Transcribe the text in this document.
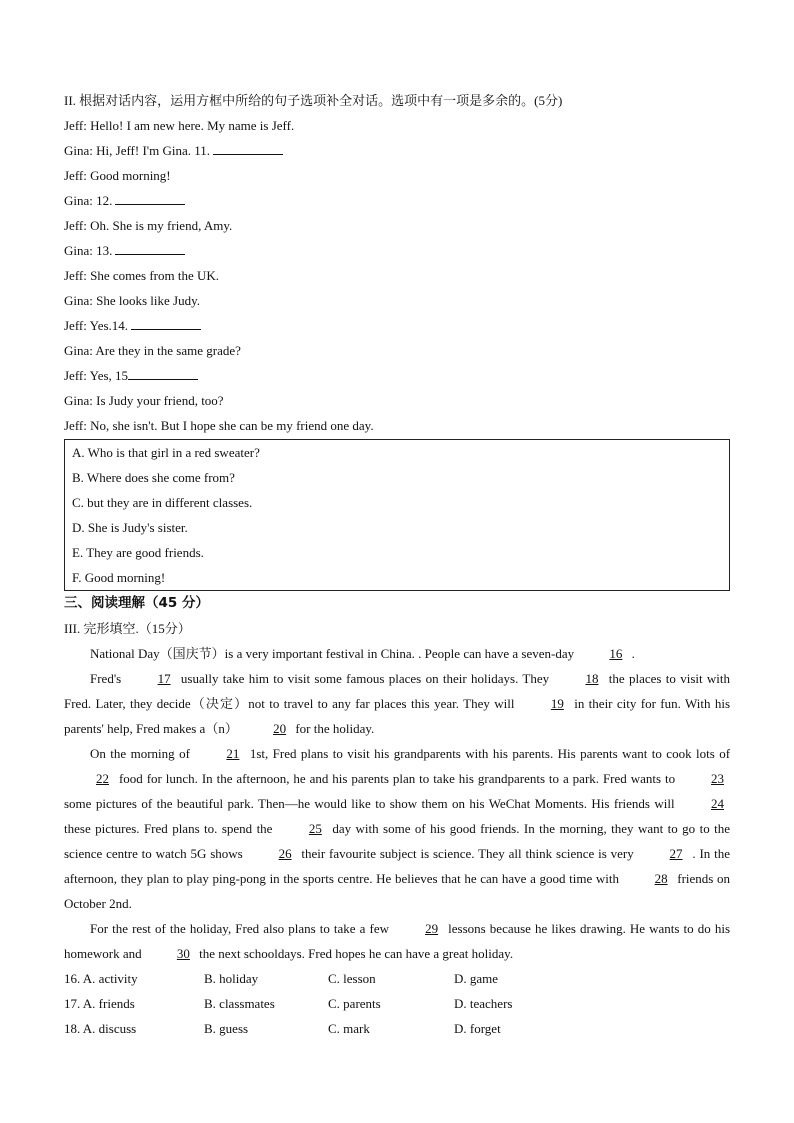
II. 根据对话内容，运用方框中所给的句子选项补全对话。选项中有一项是多余的。(5分)
Jeff: Hello! I am new here. My name is Jeff.
Gina: Hi, Jeff! I'm Gina. 11.
Jeff: Good morning!
Gina: 12.
Jeff: Oh. She is my friend, Amy.
Gina: 13.
Jeff: She comes from the UK.
Gina: She looks like Judy.
Jeff: Yes.14.
Gina: Are they in the same grade?
Jeff: Yes, 15
Gina: Is Judy your friend, too?
Jeff: No, she isn't. But I hope she can be my friend one day.
A. Who is that girl in a red sweater?
B. Where does she come from?
C. but they are in different classes.
D. She is Judy's sister.
E. They are good friends.
F. Good morning!
三、阅读理解（45 分）
III. 完形填空.（15分）
National Day（国庆节）is a very important festival in China. . People can have a seven-day	16 .
Fred's	17 usually take him to visit some famous places on their holidays. They	18 the places to visit with Fred. Later, they decide（决定）not to travel to any far places this year. They will	19 in their city for fun. With his parents' help, Fred makes a（n）	20 for the holiday.
On the morning of	21 1st, Fred plans to visit his grandparents with his parents. His parents want to cook lots of 22 food for lunch. In the afternoon, he and his parents plan to take his grandparents to a park. Fred wants to	23 some pictures of the beautiful park. Then—he would like to show them on his WeChat Moments. His friends will	24 these pictures. Fred plans to. spend the	25 day with some of his good friends. In the morning, they want to go to the science centre to watch 5G shows	26 their favourite subject is science. They all think science is very	27 . In the afternoon, they plan to play ping-pong in the sports centre. He believes that he can have a good time with	28 friends on October 2nd.
For the rest of the holiday, Fred also plans to take a few	29 lessons because he likes drawing. He wants to do his homework and	30 the next schooldays. Fred hopes he can have a great holiday.
16. A. activity	B. holiday	C. lesson	D. game
17. A. friends	B. classmates	C. parents	D. teachers
18. A. discuss	B. guess	C. mark	D. forget
